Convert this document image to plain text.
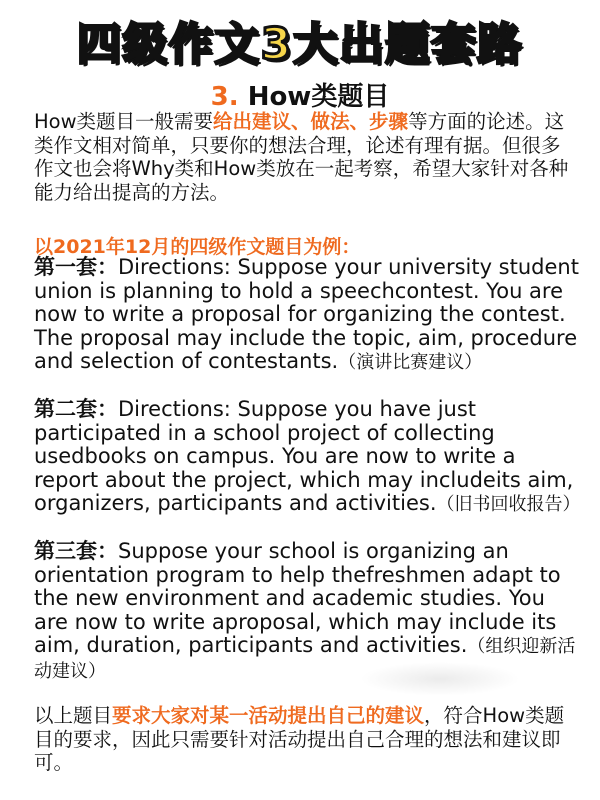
四级作文3大出题套路
3. How类题目
How类题目一般需要给出建议、做法、步骤等方面的论述。这类作文相对简单，只要你的想法合理，论述有理有据。但很多作文也会将Why类和How类放在一起考察，希望大家针对各种能力给出提高的方法。
以2021年12月的四级作文题目为例：
第一套：Directions: Suppose your university student union is planning to hold a speechcontest. You are now to write a proposal for organizing the contest. The proposal may include the topic, aim, procedure and selection of contestants.（演讲比赛建议）
第二套：Directions: Suppose you have just participated in a school project of collecting usedbooks on campus. You are now to write a report about the project, which may includeits aim, organizers, participants and activities.（旧书回收报告）
第三套：Suppose your school is organizing an orientation program to help thefreshmen adapt to the new environment and academic studies. You are now to write aproposal, which may include its aim, duration, participants and activities.（组织迎新活动建议）
以上题目要求大家对某一活动提出自己的建议，符合How类题目的要求，因此只需要针对活动提出自己合理的想法和建议即可。
